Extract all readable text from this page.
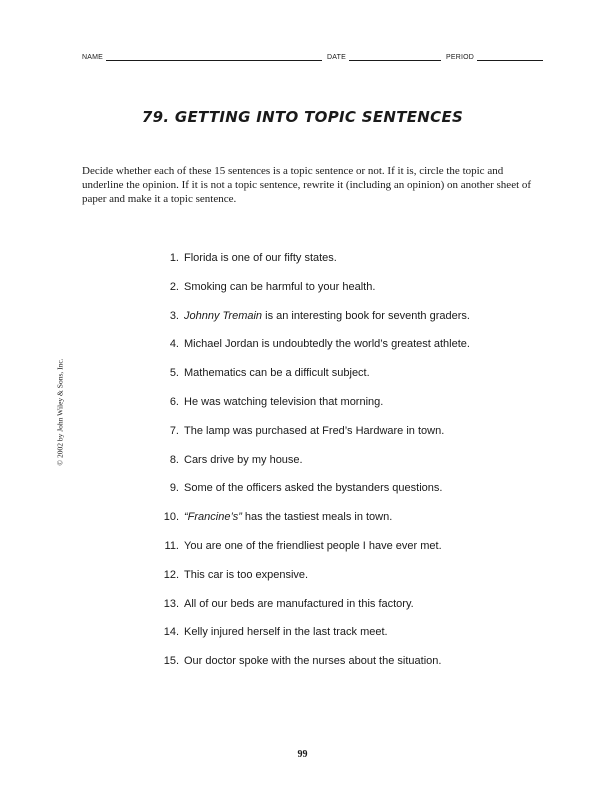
NAME	DATE	PERIOD
79. GETTING INTO TOPIC SENTENCES

Decide whether each of these 15 sentences is a topic sentence or not. If it is, circle the topic and underline the opinion. If it is not a topic sentence, rewrite it (including an opinion) on another sheet of paper and make it a topic sentence.

1. Florida is one of our fifty states.
2. Smoking can be harmful to your health.
3. Johnny Tremain is an interesting book for seventh graders.
4. Michael Jordan is undoubtedly the world’s greatest athlete.
5. Mathematics can be a difficult subject.
6. He was watching television that morning.
7. The lamp was purchased at Fred’s Hardware in town.
8. Cars drive by my house.
9. Some of the officers asked the bystanders questions.
10. “Francine’s” has the tastiest meals in town.
11. You are one of the friendliest people I have ever met.
12. This car is too expensive.
13. All of our beds are manufactured in this factory.
14. Kelly injured herself in the last track meet.
15. Our doctor spoke with the nurses about the situation.
© 2002 by John Wiley & Sons, Inc.
99
